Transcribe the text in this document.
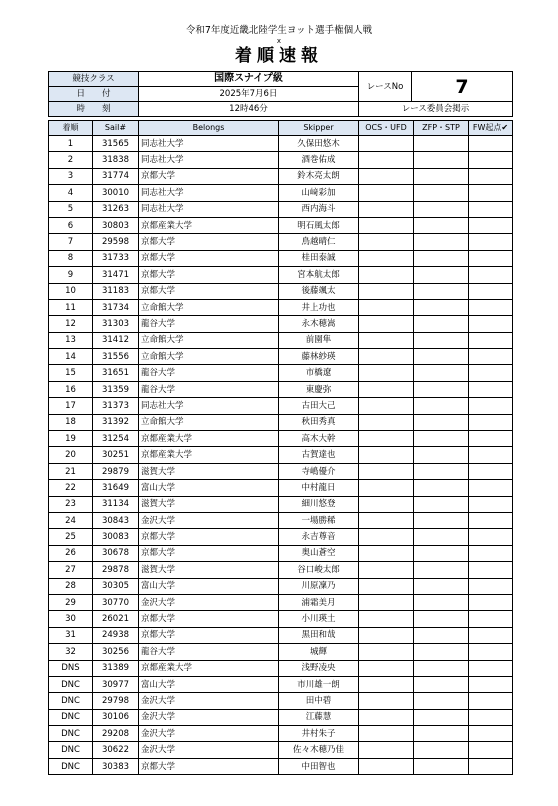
令和7年度近畿北陸学生ヨット選手権個人戦
x
着順速報
競技クラス	国際スナイプ級	レースNo	7
日　　付	2025年7月6日		
時　　刻	12時46分	レース委員会掲示	
着順	Sail#	Belongs	Skipper	OCS・UFD	ZFP・STP	FW起点✔
1	31565	同志社大学	久保田悠木			
2	31838	同志社大学	酒巻佑成			
3	31774	京都大学	鈴木亮太朗			
4	30010	同志社大学	山﨑彩加			
5	31263	同志社大学	西内海斗			
6	30803	京都産業大学	明石風太郎			
7	29598	京都大学	鳥越晴仁			
8	31733	京都大学	桂田泰誠			
9	31471	京都大学	宮本航太郎			
10	31183	京都大学	後藤颯太			
11	31734	立命館大学	井上功也			
12	31303	龍谷大学	永木穂嵩			
13	31412	立命館大学	前園隼			
14	31556	立命館大学	藤林紗瑛			
15	31651	龍谷大学	市橋遼			
16	31359	龍谷大学	東慶弥			
17	31373	同志社大学	古田大己			
18	31392	立命館大学	秋田秀真			
19	31254	京都産業大学	高木大幹			
20	30251	京都産業大学	古賀達也			
21	29879	滋賀大学	寺嶋優介			
22	31649	富山大学	中村龍日			
23	31134	滋賀大学	細川悠登			
24	30843	金沢大学	一場勝稀			
25	30083	京都大学	永吉尊音			
26	30678	京都大学	奥山蒼空			
27	29878	滋賀大学	谷口峻太郎			
28	30305	富山大学	川原凜乃			
29	30770	金沢大学	浦霜美月			
30	26021	京都大学	小川瑛土			
31	24938	京都大学	黒田和哉			
32	30256	龍谷大学	城輝			
DNS	31389	京都産業大学	浅野凌央			
DNC	30977	富山大学	市川雄一朗			
DNC	29798	金沢大学	田中碧			
DNC	30106	金沢大学	江藤慧			
DNC	29208	金沢大学	井村朱子			
DNC	30622	金沢大学	佐々木穂乃佳			
DNC	30383	京都大学	中田智也			
